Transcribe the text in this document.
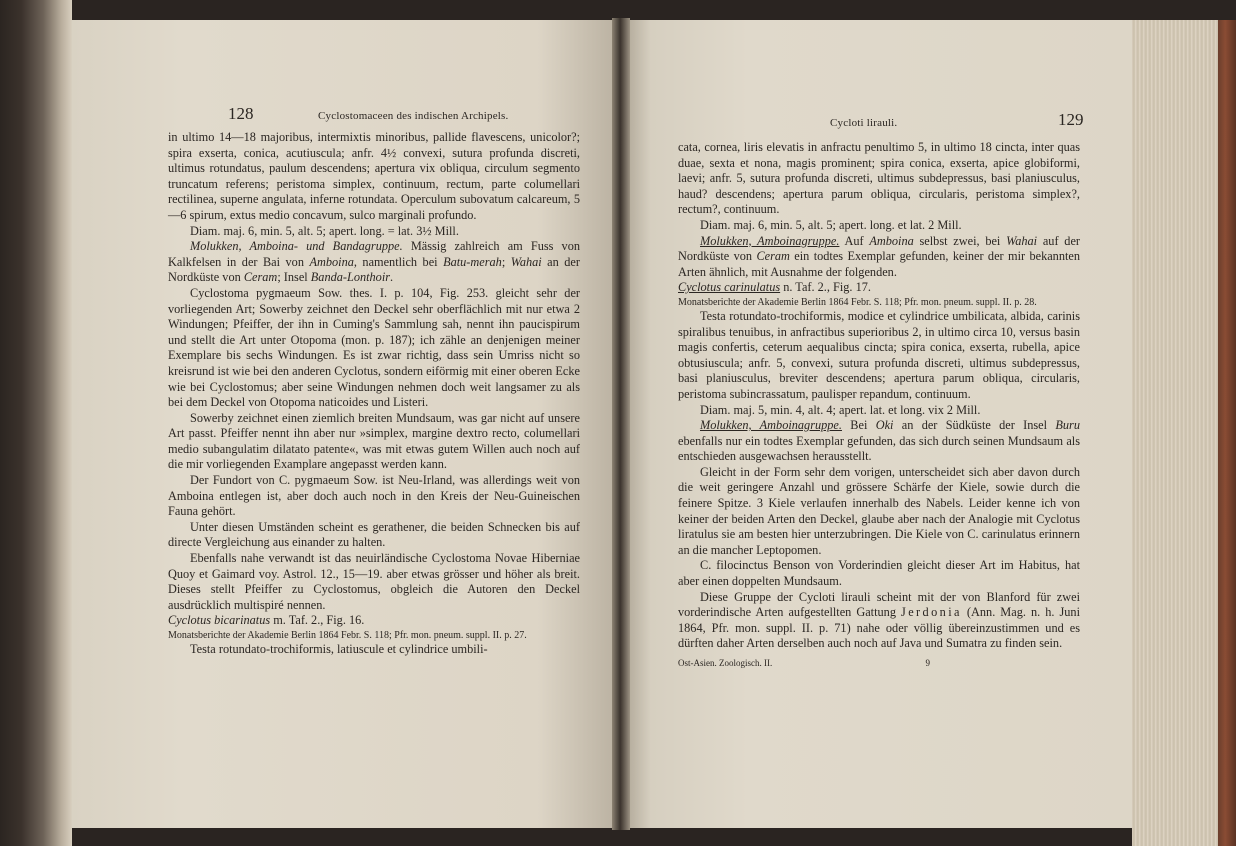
128	Cyclostomaceen des indischen Archipels.

in ultimo 14—18 majoribus, intermixtis minoribus, pallide flavescens, unicolor?; spira exserta, conica, acutiuscula; anfr. 4½ convexi, sutura profunda discreti, ultimus rotundatus, paulum descendens; apertura vix obliqua, circulum segmento truncatum referens; peristoma simplex, continuum, rectum, parte columellari rectilinea, superne angulata, inferne rotundata. Operculum subovatum calcareum, 5—6 spirum, extus medio concavum, sulco marginali profundo.

Diam. maj. 6, min. 5, alt. 5; apert. long. = lat. 3½ Mill.

Molukken, Amboina- und Bandagruppe. Mässig zahlreich am Fuss von Kalkfelsen in der Bai von Amboina, namentlich bei Batu-merah; Wahai an der Nordküste von Ceram; Insel Banda-Lonthoir.

Cyclostoma pygmaeum Sow. thes. I. p. 104, Fig. 253. gleicht sehr der vorliegenden Art; Sowerby zeichnet den Deckel sehr oberflächlich mit nur etwa 2 Windungen; Pfeiffer, der ihn in Cuming's Sammlung sah, nennt ihn paucispirum und stellt die Art unter Otopoma (mon. p. 187); ich zähle an denjenigen meiner Exemplare bis sechs Windungen. Es ist zwar richtig, dass sein Umriss nicht so kreisrund ist wie bei den anderen Cyclotus, sondern eiförmig mit einer oberen Ecke wie bei Cyclostomus; aber seine Windungen nehmen doch weit langsamer zu als bei dem Deckel von Otopoma naticoides und Listeri.

Sowerby zeichnet einen ziemlich breiten Mundsaum, was gar nicht auf unsere Art passt. Pfeiffer nennt ihn aber nur »simplex, margine dextro recto, columellari medio subangulatim dilatato patente«, was mit etwas gutem Willen auch noch auf die mir vorliegenden Examplare angepasst werden kann.

Der Fundort von C. pygmaeum Sow. ist Neu-Irland, was allerdings weit von Amboina entlegen ist, aber doch auch noch in den Kreis der Neu-Guineischen Fauna gehört.

Unter diesen Umständen scheint es gerathener, die beiden Schnecken bis auf directe Vergleichung aus einander zu halten.

Ebenfalls nahe verwandt ist das neuirländische Cyclostoma Novae Hiberniae Quoy et Gaimard voy. Astrol. 12., 15—19. aber etwas grösser und höher als breit. Dieses stellt Pfeiffer zu Cyclostomus, obgleich die Autoren den Deckel ausdrücklich multispiré nennen.

Cyclotus bicarinatus m. Taf. 2., Fig. 16.

Monatsberichte der Akademie Berlin 1864 Febr. S. 118; Pfr. mon. pneum. suppl. II. p. 27.

Testa rotundato-trochiformis, latiuscule et cylindrice umbili-

Cycloti lirauli.	129

cata, cornea, liris elevatis in anfractu penultimo 5, in ultimo 18 cincta, inter quas duae, sexta et nona, magis prominent; spira conica, exserta, apice globiformi, laevi; anfr. 5, sutura profunda discreti, ultimus subdepressus, basi planiusculus, haud? descendens; apertura parum obliqua, circularis, peristoma simplex?, rectum?, continuum.

Diam. maj. 6, min. 5, alt. 5; apert. long. et lat. 2 Mill.

Molukken, Amboinagruppe. Auf Amboina selbst zwei, bei Wahai auf der Nordküste von Ceram ein todtes Exemplar gefunden, keiner der mir bekannten Arten ähnlich, mit Ausnahme der folgenden.

Cyclotus carinulatus n. Taf. 2., Fig. 17.

Monatsberichte der Akademie Berlin 1864 Febr. S. 118; Pfr. mon. pneum. suppl. II. p. 28.

Testa rotundato-trochiformis, modice et cylindrice umbilicata, albida, carinis spiralibus tenuibus, in anfractibus superioribus 2, in ultimo circa 10, versus basin magis confertis, ceterum aequalibus cincta; spira conica, exserta, rubella, apice obtusiuscula; anfr. 5, convexi, sutura profunda discreti, ultimus subdepressus, basi planiusculus, breviter descendens; apertura parum obliqua, circularis, peristoma subincrassatum, paulisper repandum, continuum.

Diam. maj. 5, min. 4, alt. 4; apert. lat. et long. vix 2 Mill.

Molukken, Amboinagruppe. Bei Oki an der Südküste der Insel Buru ebenfalls nur ein todtes Exemplar gefunden, das sich durch seinen Mundsaum als entschieden ausgewachsen herausstellt.

Gleicht in der Form sehr dem vorigen, unterscheidet sich aber davon durch die weit geringere Anzahl und grössere Schärfe der Kiele, sowie durch die feinere Spitze. 3 Kiele verlaufen innerhalb des Nabels. Leider kenne ich von keiner der beiden Arten den Deckel, glaube aber nach der Analogie mit Cyclotus liratulus sie am besten hier unterzubringen. Die Kiele von C. carinulatus erinnern an die mancher Leptopomen.

C. filocinctus Benson von Vorderindien gleicht dieser Art im Habitus, hat aber einen doppelten Mundsaum.

Diese Gruppe der Cycloti lirauli scheint mit der von Blanford für zwei vorderindische Arten aufgestellten Gattung Jerdonia (Ann. Mag. n. h. Juni 1864, Pfr. mon. suppl. II. p. 71) nahe oder völlig übereinzustimmen und es dürften daher Arten derselben auch noch auf Java und Sumatra zu finden sein.

Ost-Asien. Zoologisch. II.	9
